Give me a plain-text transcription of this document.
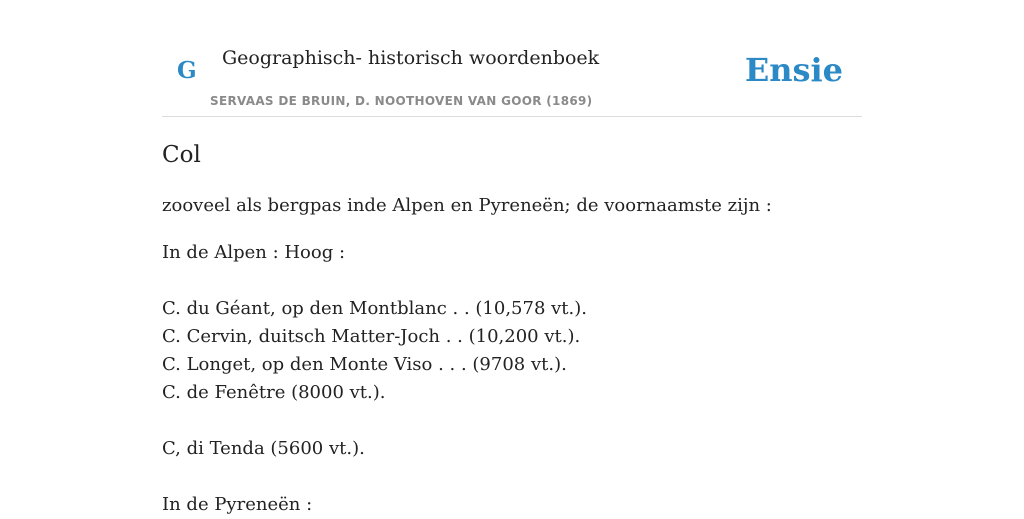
G Geographisch- historisch woordenboek
SERVAAS DE BRUIN, D. NOOTHOVEN VAN GOOR (1869)
Ensie
Col

zooveel als bergpas inde Alpen en Pyreneën; de voornaamste zijn :

In de Alpen : Hoog :

C. du Géant, op den Montblanc . . (10,578 vt.).

C. Cervin, duitsch Matter-Joch . . (10,200 vt.).

C. Longet, op den Monte Viso . . . (9708 vt.).

C. de Fenêtre (8000 vt.).

C, di Tenda (5600 vt.).

In de Pyreneën :
